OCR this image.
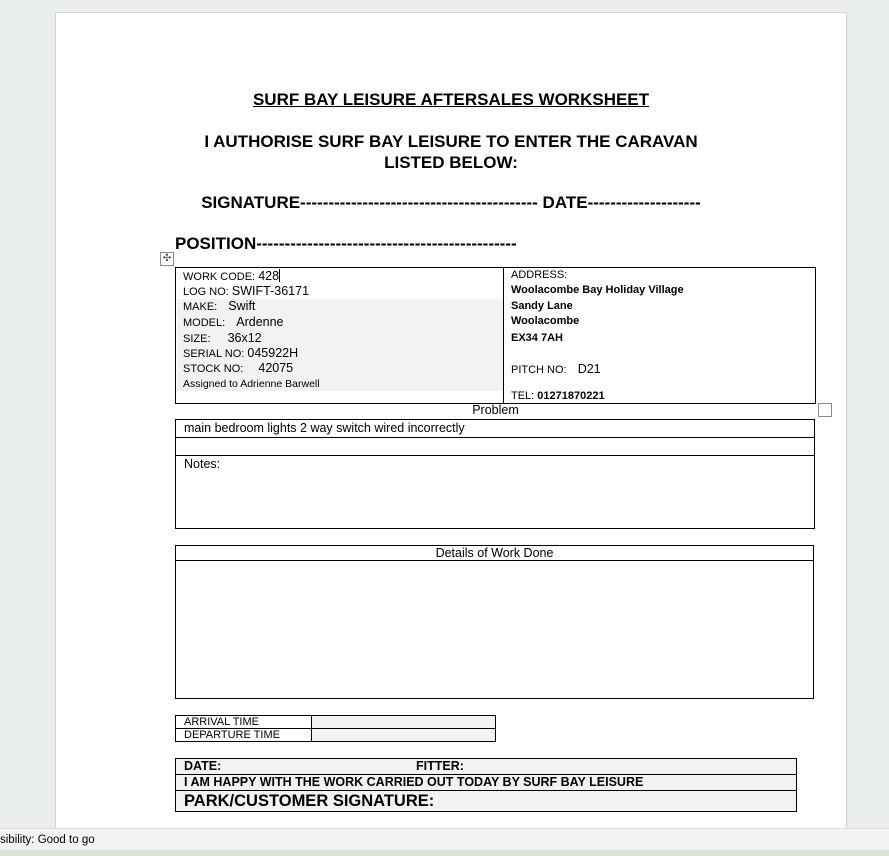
SURF BAY LEISURE AFTERSALES WORKSHEET
I AUTHORISE SURF BAY LEISURE TO ENTER THE CARAVAN
LISTED BELOW:
SIGNATURE------------------------------------------ DATE--------------------
POSITION----------------------------------------------
✣
WORK CODE: 428
LOG NO: SWIFT-36171
MAKE: Swift
MODEL: Ardenne
SIZE: 36x12
SERIAL NO: 045922H
STOCK NO: 42075
Assigned to Adrienne Barwell
ADDRESS:
Woolacombe Bay Holiday Village
Sandy Lane
Woolacombe
EX34 7AH
PITCH NO: D21
TEL: 01271870221
Problem
main bedroom lights 2 way switch wired incorrectly
Notes:
Details of Work Done
ARRIVAL TIME	
DEPARTURE TIME	
DATE:	FITTER:
I AM HAPPY WITH THE WORK CARRIED OUT TODAY BY SURF BAY LEISURE
PARK/CUSTOMER SIGNATURE:
sibility: Good to go
